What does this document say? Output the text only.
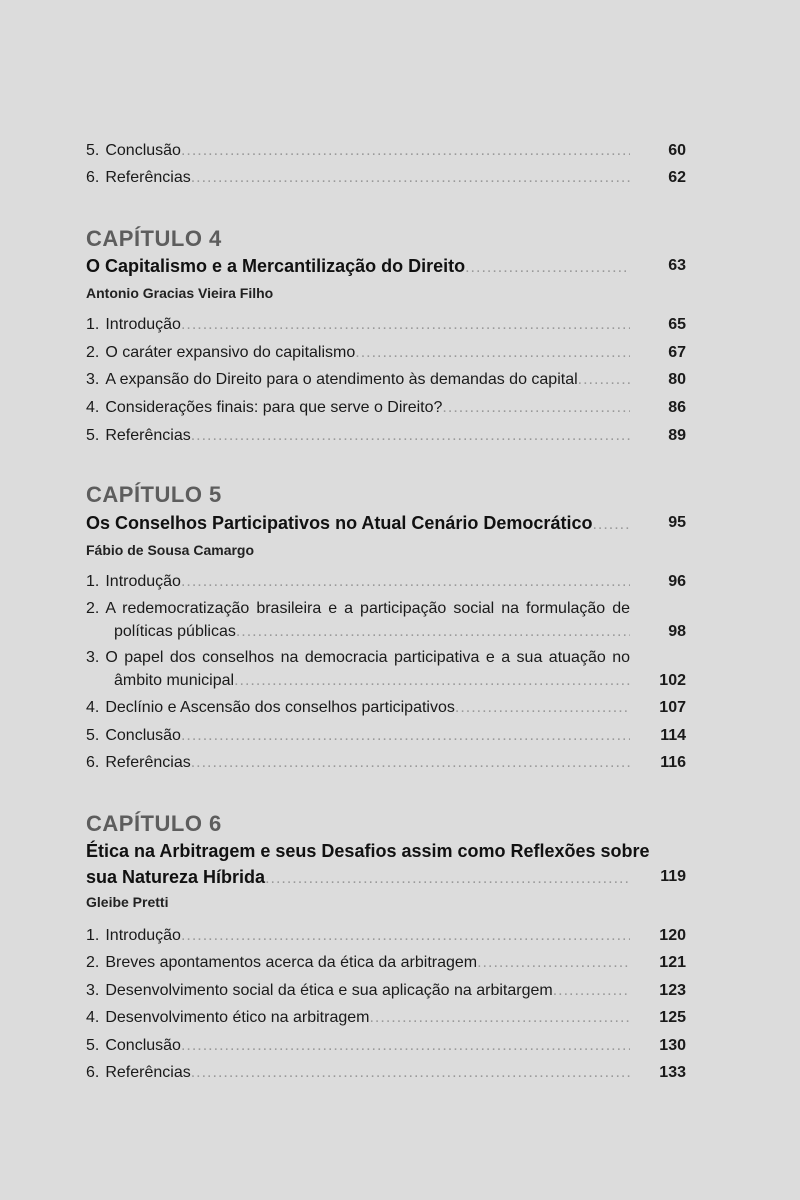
5. Conclusão .....	60
6. Referências .....	62
CAPÍTULO 4
O Capitalismo e a Mercantilização do Direito .....	63
Antonio Gracias Vieira Filho
1. Introdução .....	65
2. O caráter expansivo do capitalismo .....	67
3. A expansão do Direito para o atendimento às demandas do capital .....	80
4. Considerações finais: para que serve o Direito? .....	86
5. Referências .....	89
CAPÍTULO 5
Os Conselhos Participativos no Atual Cenário Democrático .....	95
Fábio de Sousa Camargo
1. Introdução .....	96
2. A redemocratização brasileira e a participação social na formulação de
políticas públicas .....	98
3. O papel dos conselhos na democracia participativa e a sua atuação no
âmbito municipal .....	102
4. Declínio e Ascensão dos conselhos participativos .....	107
5. Conclusão .....	114
6. Referências .....	116
CAPÍTULO 6
Ética na Arbitragem e seus Desafios assim como Reflexões sobre
sua Natureza Híbrida .....	119
Gleibe Pretti
1. Introdução .....	120
2. Breves apontamentos acerca da ética da arbitragem .....	121
3. Desenvolvimento social da ética e sua aplicação na arbitargem .....	123
4. Desenvolvimento ético na arbitragem .....	125
5. Conclusão .....	130
6. Referências .....	133
